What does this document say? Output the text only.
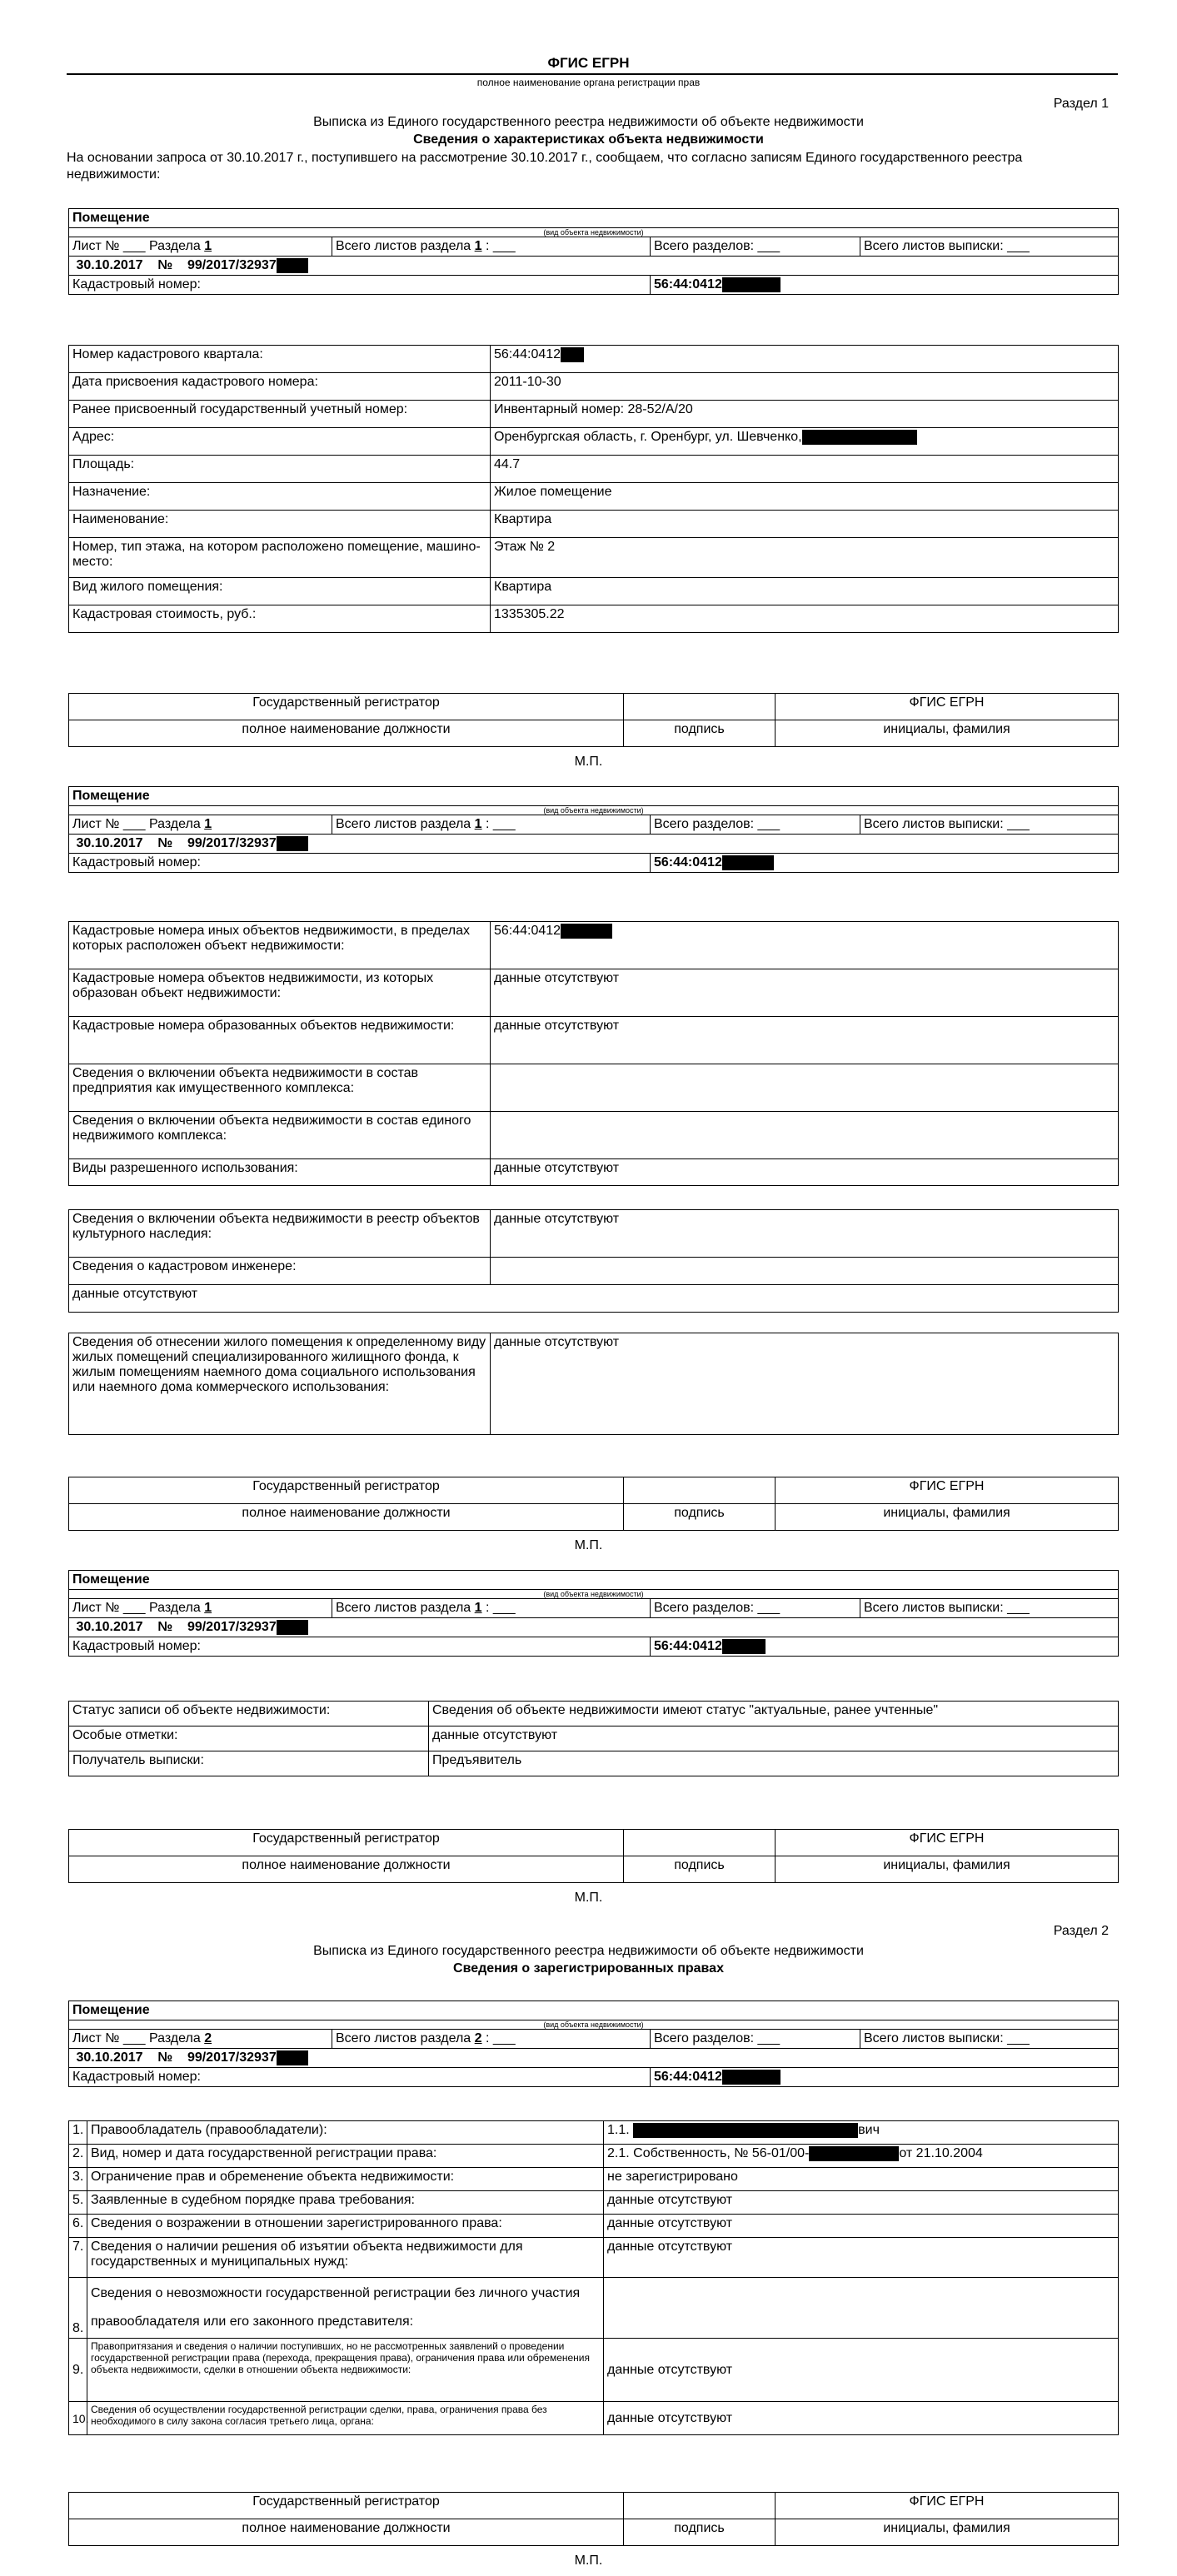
ФГИС ЕГРН
полное наименование органа регистрации прав
Раздел 1
Выписка из Единого государственного реестра недвижимости об объекте недвижимости
Сведения о характеристиках объекта недвижимости
На основании запроса от 30.10.2017 г., поступившего на рассмотрение 30.10.2017 г., сообщаем, что согласно записям Единого государственного реестра недвижимости:
Помещение			
(вид объекта недвижимости)			
Лист № ___ Раздела 1	Всего листов раздела 1 : ___	Всего разделов: ___	Всего листов выписки: ___
30.10.2017 № 99/2017/32937			
Кадастровый номер:		56:44:0412	
Номер кадастрового квартала:	56:44:0412
Дата присвоения кадастрового номера:	2011-10-30
Ранее присвоенный государственный учетный номер:	Инвентарный номер: 28-52/А/20
Адрес:	Оренбургская область, г. Оренбург, ул. Шевченко,
Площадь:	44.7
Назначение:	Жилое помещение
Наименование:	Квартира
Номер, тип этажа, на котором расположено помещение, машино-место:	Этаж № 2
Вид жилого помещения:	Квартира
Кадастровая стоимость, руб.:	1335305.22
Государственный регистратор		ФГИС ЕГРН
полное наименование должности	подпись	инициалы, фамилия
М.П.
Помещение			
(вид объекта недвижимости)			
Лист № ___ Раздела 1	Всего листов раздела 1 : ___	Всего разделов: ___	Всего листов выписки: ___
30.10.2017 № 99/2017/32937			
Кадастровый номер:		56:44:0412	
Кадастровые номера иных объектов недвижимости, в пределах которых расположен объект недвижимости:	56:44:0412
Кадастровые номера объектов недвижимости, из которых образован объект недвижимости:	данные отсутствуют
Кадастровые номера образованных объектов недвижимости:	данные отсутствуют
Сведения о включении объекта недвижимости в состав предприятия как имущественного комплекса:	
Сведения о включении объекта недвижимости в состав единого недвижимого комплекса:	
Виды разрешенного использования:	данные отсутствуют
Сведения о включении объекта недвижимости в реестр объектов культурного наследия:	данные отсутствуют
Сведения о кадастровом инженере:	
данные отсутствуют	
Сведения об отнесении жилого помещения к определенному виду жилых помещений специализированного жилищного фонда, к жилым помещениям наемного дома социального использования или наемного дома коммерческого использования:	данные отсутствуют
Государственный регистратор		ФГИС ЕГРН
полное наименование должности	подпись	инициалы, фамилия
М.П.
Помещение			
(вид объекта недвижимости)			
Лист № ___ Раздела 1	Всего листов раздела 1 : ___	Всего разделов: ___	Всего листов выписки: ___
30.10.2017 № 99/2017/32937			
Кадастровый номер:		56:44:0412	
Статус записи об объекте недвижимости:	Сведения об объекте недвижимости имеют статус "актуальные, ранее учтенные"
Особые отметки:	данные отсутствуют
Получатель выписки:	Предъявитель
Государственный регистратор		ФГИС ЕГРН
полное наименование должности	подпись	инициалы, фамилия
М.П.
Раздел 2
Выписка из Единого государственного реестра недвижимости об объекте недвижимости
Сведения о зарегистрированных правах
Помещение			
(вид объекта недвижимости)			
Лист № ___ Раздела 2	Всего листов раздела 2 : ___	Всего разделов: ___	Всего листов выписки: ___
30.10.2017 № 99/2017/32937			
Кадастровый номер:		56:44:0412	
1.	Правообладатель (правообладатели):	1.1. вич
2.	Вид, номер и дата государственной регистрации права:	2.1. Собственность, № 56-01/00- от 21.10.2004
3.	Ограничение прав и обременение объекта недвижимости:	не зарегистрировано
5.	Заявленные в судебном порядке права требования:	данные отсутствуют
6.	Сведения о возражении в отношении зарегистрированного права:	данные отсутствуют
7.	Сведения о наличии решения об изъятии объекта недвижимости для государственных и муниципальных нужд:	данные отсутствуют
8.	Сведения о невозможности государственной регистрации без личного участия правообладателя или его законного представителя:	
9.	Правопритязания и сведения о наличии поступивших, но не рассмотренных заявлений о проведении государственной регистрации права (перехода, прекращения права), ограничения права или обременения объекта недвижимости, сделки в отношении объекта недвижимости:	данные отсутствуют
10.	Сведения об осуществлении государственной регистрации сделки, права, ограничения права без необходимого в силу закона согласия третьего лица, органа:	данные отсутствуют
Государственный регистратор		ФГИС ЕГРН
полное наименование должности	подпись	инициалы, фамилия
М.П.
